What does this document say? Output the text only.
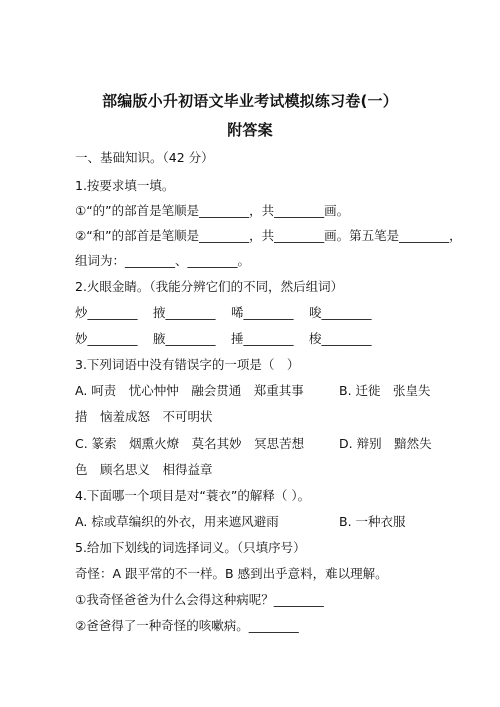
部编版小升初语文毕业考试模拟练习卷(一）
附答案
一、基础知识。（42 分）
1.按要求填一填。
①“的”的部首是笔顺是________，共________画。
②“和”的部首是笔顺是________，共________画。第五笔是________，
组词为：________、________。
2.火眼金睛。（我能分辨它们的不同，然后组词）
炒________ 掖________ 唏________ 唆________
妙________ 腋________ 捶________ 梭________
3.下列词语中没有错误字的一项是（　）
A. 呵责　忧心忡忡　融会贯通　郑重其事	B. 迁徙　张皇失
措　恼羞成怒　不可明状
C. 篆索　烟熏火燎　莫名其妙　冥思苦想	D. 辩别　黯然失
色　顾名思义　相得益章
4.下面哪一个项目是对“蓑衣”的解释（ ）。
A. 棕或草编织的外衣，用来遮风避雨	B. 一种衣服
5.给加下划线的词选择词义。（只填序号）
奇怪：A 跟平常的不一样。B 感到出乎意料，难以理解。
①我奇怪爸爸为什么会得这种病呢？________
②爸爸得了一种奇怪的咳嗽病。________
